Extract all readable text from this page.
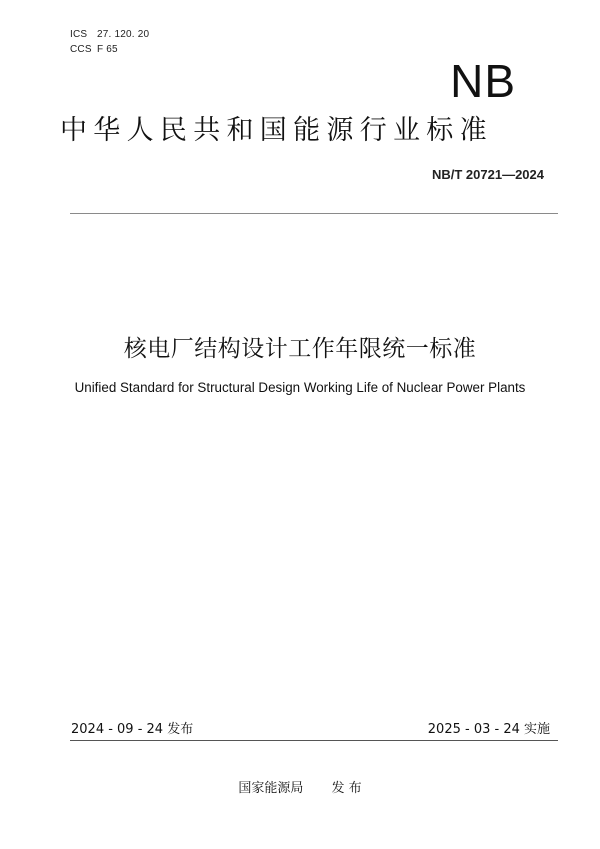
ICS 27. 120. 20
CCS F 65
NB
中华人民共和国能源行业标准
NB/T 20721—2024
核电厂结构设计工作年限统一标准
Unified Standard for Structural Design Working Life of Nuclear Power Plants
2024 - 09 - 24 发布	2025 - 03 - 24 实施
国家能源局 发 布
